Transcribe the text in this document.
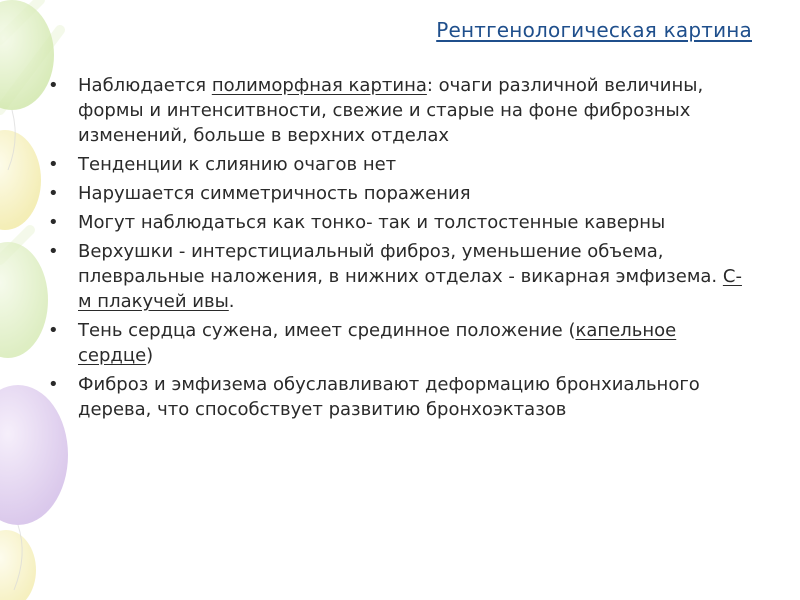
Рентгенологическая картина
• Наблюдается полиморфная картина: очаги различной величины, формы и интенситвности, свежие и старые на фоне фиброзных изменений, больше в верхних отделах
• Тенденции к слиянию очагов нет
• Нарушается симметричность поражения
• Могут наблюдаться как тонко- так и толстостенные каверны
• Верхушки - интерстициальный фиброз, уменьшение объема, плевральные наложения, в нижних отделах - викарная эмфизема. С-м плакучей ивы.
• Тень сердца сужена, имеет срединное положение (капельное сердце)
• Фиброз и эмфизема обуславливают деформацию бронхиального дерева, что способствует развитию бронхоэктазов
